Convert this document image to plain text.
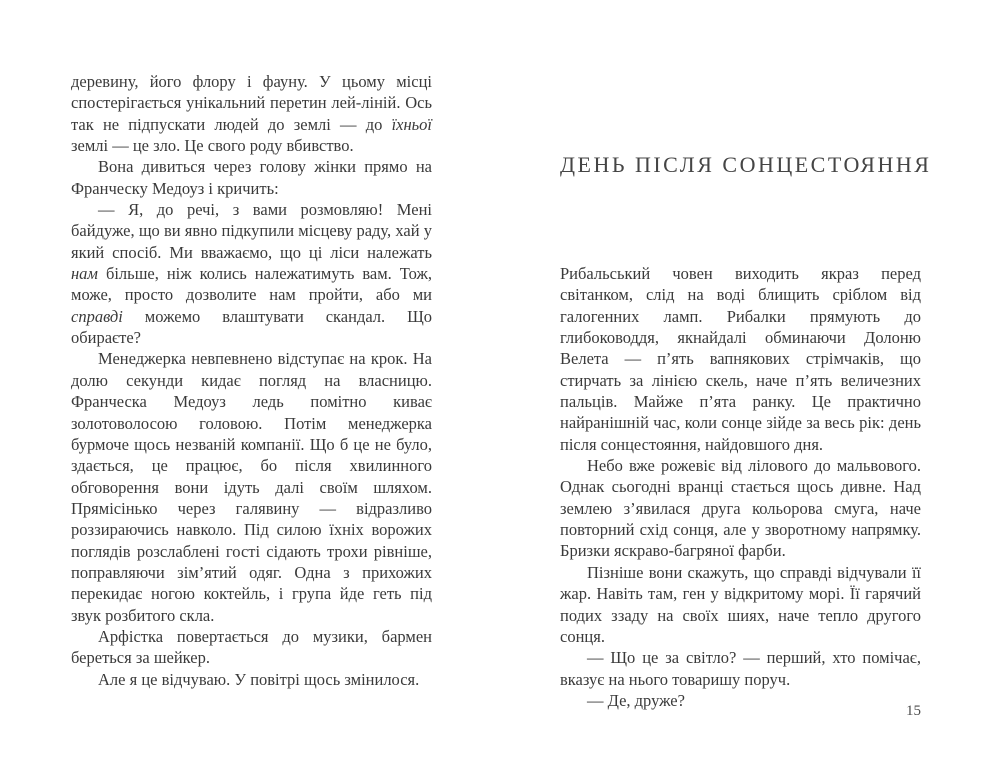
деревину, його флору і фауну. У цьому місці спостерігається унікальний перетин лей-ліній. Ось так не підпускати людей до землі — до їхньої землі — це зло. Це свого роду вбивство.

Вона дивиться через голову жінки прямо на Франческу Медоуз і кричить:

— Я, до речі, з вами розмовляю! Мені байдуже, що ви явно підкупили місцеву раду, хай у який спосіб. Ми вважаємо, що ці ліси належать нам більше, ніж колись належатимуть вам. Тож, може, просто дозволите нам пройти, або ми справді можемо влаштувати скандал. Що обираєте?

Менеджерка невпевнено відступає на крок. На долю секунди кидає погляд на власницю. Франческа Медоуз ледь помітно киває золотоволосою головою. Потім менеджерка бурмоче щось незваній компанії. Що б це не було, здається, це працює, бо після хвилинного обговорення вони ідуть далі своїм шляхом. Прямісінько через галявину — відразливо роззираючись навколо. Під силою їхніх ворожих поглядів розслаблені гості сідають трохи рівніше, поправляючи зім’ятий одяг. Одна з прихожих перекидає ногою коктейль, і група йде геть під звук розбитого скла.

Арфістка повертається до музики, бармен береться за шейкер.

Але я це відчуваю. У повітрі щось змінилося.

ДЕНЬ ПІСЛЯ СОНЦЕСТОЯННЯ

Рибальський човен виходить якраз перед світанком, слід на воді блищить сріблом від галогенних ламп. Рибалки прямують до глибоководдя, якнайдалі обминаючи Долоню Велета — п’ять вапнякових стрімчаків, що стирчать за лінією скель, наче п’ять величезних пальців. Майже п’ята ранку. Це практично найранішній час, коли сонце зійде за весь рік: день після сонцестояння, найдовшого дня.

Небо вже рожевіє від лілового до мальвового. Однак сьогодні вранці стається щось дивне. Над землею з’явилася друга кольорова смуга, наче повторний схід сонця, але у зворотному напрямку. Бризки яскраво-багряної фарби.

Пізніше вони скажуть, що справді відчували її жар. Навіть там, ген у відкритому морі. Її гарячий подих ззаду на своїх шиях, наче тепло другого сонця.

— Що це за світло? — перший, хто помічає, вказує на нього товаришу поруч.

— Де, друже?

15
